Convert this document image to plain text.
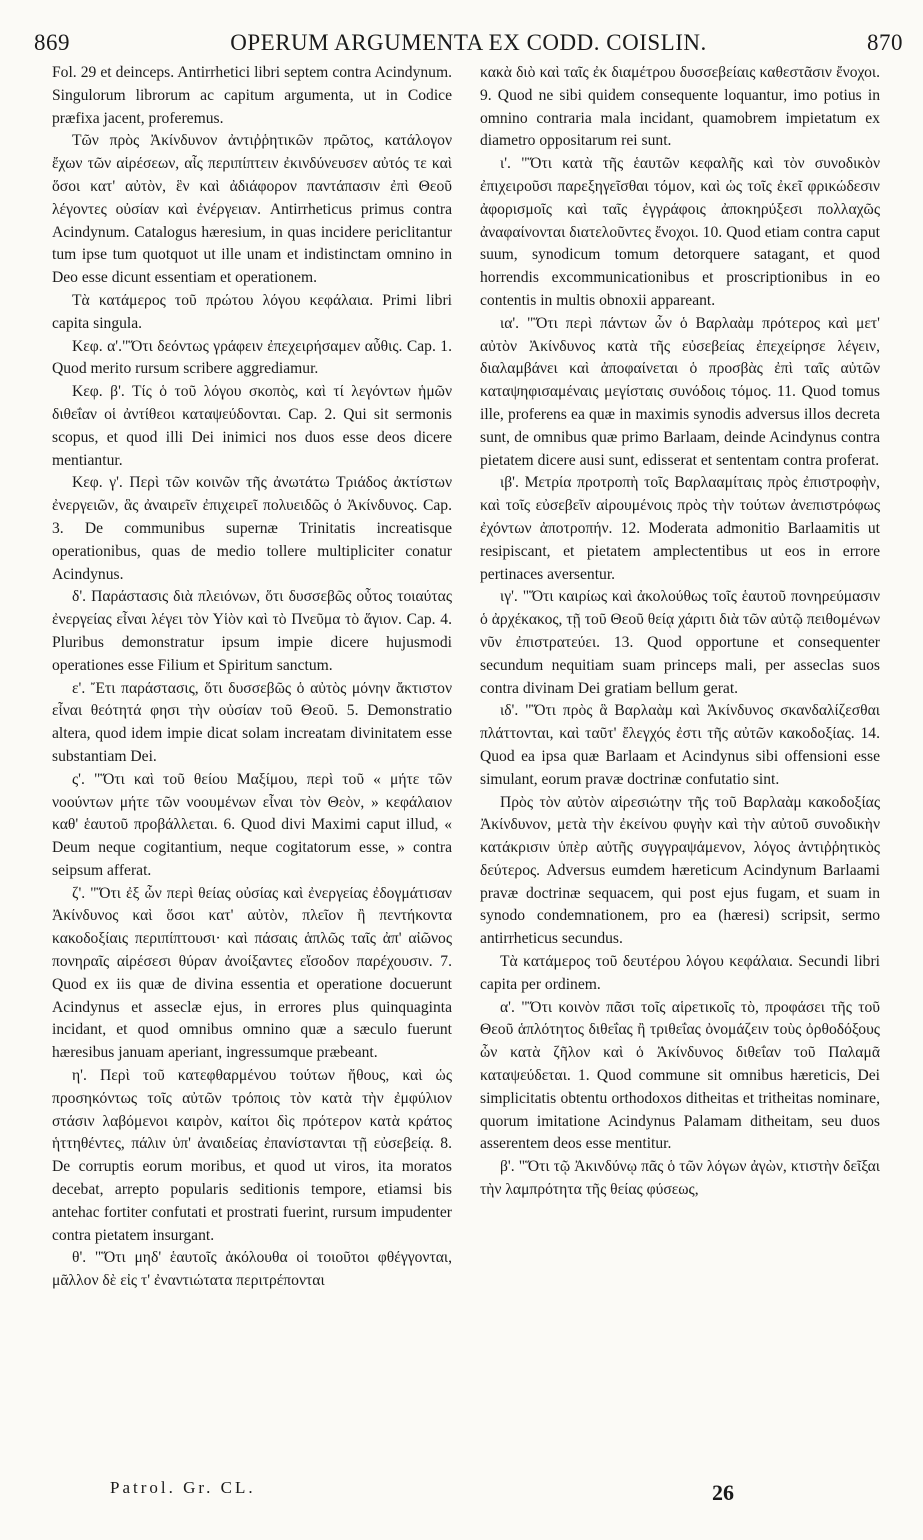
869	OPERUM ARGUMENTA EX CODD. COISLIN.	870

Fol. 29 et deinceps. Antirrhetici libri septem contra Acindynum. Singulorum librorum ac capitum argumenta, ut in Codice præfixa jacent, proferemus.

Τῶν πρὸς Ἀκίνδυνον ἀντιῤῥητικῶν πρῶτος, κατάλογον ἔχων τῶν αἱρέσεων, αἷς περιπίπτειν ἐκινδύνευσεν αὐτός τε καὶ ὅσοι κατ' αὐτὸν, ἓν καὶ ἀδιάφορον παντάπασιν ἐπὶ Θεοῦ λέγοντες οὐσίαν καὶ ἐνέργειαν. Antirrheticus primus contra Acindynum. Catalogus hæresium, in quas incidere periclitantur tum ipse tum quotquot ut ille unam et indistinctam omnino in Deo esse dicunt essentiam et operationem.

Τὰ κατάμερος τοῦ πρώτου λόγου κεφάλαια. Primi libri capita singula.

Κεφ. α'."Ὅτι δεόντως γράφειν ἐπεχειρήσαμεν αὖθις. Cap. 1. Quod merito rursum scribere aggrediamur.

Κεφ. β'. Τίς ὁ τοῦ λόγου σκοπὸς, καὶ τί λεγόντων ἡμῶν διθεΐαν οἱ ἀντίθεοι καταψεύδονται. Cap. 2. Qui sit sermonis scopus, et quod illi Dei inimici nos duos esse deos dicere mentiantur.

Κεφ. γ'. Περὶ τῶν κοινῶν τῆς ἀνωτάτω Τριάδος ἀκτίστων ἐνεργειῶν, ἃς ἀναιρεῖν ἐπιχειρεῖ πολυειδῶς ὁ Ἀκίνδυνος. Cap. 3. De communibus supernæ Trinitatis increatisque operationibus, quas de medio tollere multipliciter conatur Acindynus.

δ'. Παράστασις διὰ πλειόνων, ὅτι δυσσεβῶς οὗτος τοιαύτας ἐνεργείας εἶναι λέγει τὸν Υἱὸν καὶ τὸ Πνεῦμα τὸ ἅγιον. Cap. 4. Pluribus demonstratur ipsum impie dicere hujusmodi operationes esse Filium et Spiritum sanctum.

ε'. Ἔτι παράστασις, ὅτι δυσσεβῶς ὁ αὐτὸς μόνην ἄκτιστον εἶναι θεότητά φησι τὴν οὐσίαν τοῦ Θεοῦ. 5. Demonstratio altera, quod idem impie dicat solam increatam divinitatem esse substantiam Dei.

ς'. "Ὅτι καὶ τοῦ θείου Μαξίμου, περὶ τοῦ « μήτε τῶν νοούντων μήτε τῶν νοουμένων εἶναι τὸν Θεὸν, » κεφάλαιον καθ' ἑαυτοῦ προβάλλεται. 6. Quod divi Maximi caput illud, « Deum neque cogitantium, neque cogitatorum esse, » contra seipsum afferat.

ζ'. "Ὅτι ἐξ ὧν περὶ θείας οὐσίας καὶ ἐνεργείας ἐδογμάτισαν Ἀκίνδυνος καὶ ὅσοι κατ' αὐτὸν, πλεῖον ἢ πεντήκοντα κακοδοξίαις περιπίπτουσι· καὶ πάσαις ἁπλῶς ταῖς ἀπ' αἰῶνος πονηραῖς αἱρέσεσι θύραν ἀνοίξαντες εἴσοδον παρέχουσιν. 7. Quod ex iis quæ de divina essentia et operatione docuerunt Acindynus et asseclæ ejus, in errores plus quinquaginta incidant, et quod omnibus omnino quæ a sæculo fuerunt hæresibus januam aperiant, ingressumque præbeant.

η'. Περὶ τοῦ κατεφθαρμένου τούτων ἤθους, καὶ ὡς προσηκόντως τοῖς αὐτῶν τρόποις τὸν κατὰ τὴν ἐμφύλιον στάσιν λαβόμενοι καιρὸν, καίτοι δὶς πρότερον κατὰ κράτος ἡττηθέντες, πάλιν ὑπ' ἀναιδείας ἐπανίστανται τῇ εὐσεβείᾳ. 8. De corruptis eorum moribus, et quod ut viros, ita moratos decebat, arrepto popularis seditionis tempore, etiamsi bis antehac fortiter confutati et prostrati fuerint, rursum impudenter contra pietatem insurgant.

θ'. "Ὅτι μηδ' ἑαυτοῖς ἀκόλουθα οἱ τοιοῦτοι φθέγγονται, μᾶλλον δὲ εἰς τ' ἐναντιώτατα περιτρέπονται

κακὰ διὸ καὶ ταῖς ἐκ διαμέτρου δυσσεβείαις καθεστᾶσιν ἔνοχοι. 9. Quod ne sibi quidem consequente loquantur, imo potius in omnino contraria mala incidant, quamobrem impietatum ex diametro oppositarum rei sunt.

ι'. "Ὅτι κατὰ τῆς ἑαυτῶν κεφαλῆς καὶ τὸν συνοδικὸν ἐπιχειροῦσι παρεξηγεῖσθαι τόμον, καὶ ὡς τοῖς ἐκεῖ φρικώδεσιν ἀφορισμοῖς καὶ ταῖς ἐγγράφοις ἀποκηρύξεσι πολλαχῶς ἀναφαίνονται διατελοῦντες ἔνοχοι. 10. Quod etiam contra caput suum, synodicum tomum detorquere satagant, et quod horrendis excommunicationibus et proscriptionibus in eo contentis in multis obnoxii appareant.

ια'. "Ὅτι περὶ πάντων ὧν ὁ Βαρλαὰμ πρότερος καὶ μετ' αὐτὸν Ἀκίνδυνος κατὰ τῆς εὐσεβείας ἐπεχείρησε λέγειν, διαλαμβάνει καὶ ἀποφαίνεται ὁ προσβὰς ἐπὶ ταῖς αὐτῶν καταψηφισαμέναις μεγίσταις συνόδοις τόμος. 11. Quod tomus ille, proferens ea quæ in maximis synodis adversus illos decreta sunt, de omnibus quæ primo Barlaam, deinde Acindynus contra pietatem dicere ausi sunt, edisserat et sententam contra proferat.

ιβ'. Μετρία προτροπὴ τοῖς Βαρλααμίταις πρὸς ἐπιστροφὴν, καὶ τοῖς εὐσεβεῖν αἱρουμένοις πρὸς τὴν τούτων ἀνεπιστρόφως ἐχόντων ἀποτροπήν. 12. Moderata admonitio Barlaamitis ut resipiscant, et pietatem amplectentibus ut eos in errore pertinaces aversentur.

ιγ'. "Ὅτι καιρίως καὶ ἀκολούθως τοῖς ἑαυτοῦ πονηρεύμασιν ὁ ἀρχέκακος, τῇ τοῦ Θεοῦ θείᾳ χάριτι διὰ τῶν αὐτῷ πειθομένων νῦν ἐπιστρατεύει. 13. Quod opportune et consequenter secundum nequitiam suam princeps mali, per asseclas suos contra divinam Dei gratiam bellum gerat.

ιδ'. "Ὅτι πρὸς ἃ Βαρλαὰμ καὶ Ἀκίνδυνος σκανδαλίζεσθαι πλάττονται, καὶ ταῦτ' ἔλεγχός ἐστι τῆς αὐτῶν κακοδοξίας. 14. Quod ea ipsa quæ Barlaam et Acindynus sibi offensioni esse simulant, eorum pravæ doctrinæ confutatio sint.

Πρὸς τὸν αὐτὸν αἱρεσιώτην τῆς τοῦ Βαρλαὰμ κακοδοξίας Ἀκίνδυνον, μετὰ τὴν ἐκείνου φυγὴν καὶ τὴν αὐτοῦ συνοδικὴν κατάκρισιν ὑπὲρ αὐτῆς συγγραψάμενον, λόγος ἀντιῤῥητικὸς δεύτερος. Adversus eumdem hæreticum Acindynum Barlaami pravæ doctrinæ sequacem, qui post ejus fugam, et suam in synodo condemnationem, pro ea (hæresi) scripsit, sermo antirrheticus secundus.

Τὰ κατάμερος τοῦ δευτέρου λόγου κεφάλαια. Secundi libri capita per ordinem.

α'. "Ὅτι κοινὸν πᾶσι τοῖς αἱρετικοῖς τὸ, προφάσει τῆς τοῦ Θεοῦ ἁπλότητος διθεΐας ἢ τριθεΐας ὀνομάζειν τοὺς ὀρθοδόξους ὧν κατὰ ζῆλον καὶ ὁ Ἀκίνδυνος διθεΐαν τοῦ Παλαμᾶ καταψεύδεται. 1. Quod commune sit omnibus hæreticis, Dei simplicitatis obtentu orthodoxos ditheitas et tritheitas nominare, quorum imitatione Acindynus Palamam ditheitam, seu duos asserentem deos esse mentitur.

β'. "Ὅτι τῷ Ἀκινδύνῳ πᾶς ὁ τῶν λόγων ἀγὼν, κτιστὴν δεῖξαι τὴν λαμπρότητα τῆς θείας φύσεως,

Patrol. Gr. CL.	26
